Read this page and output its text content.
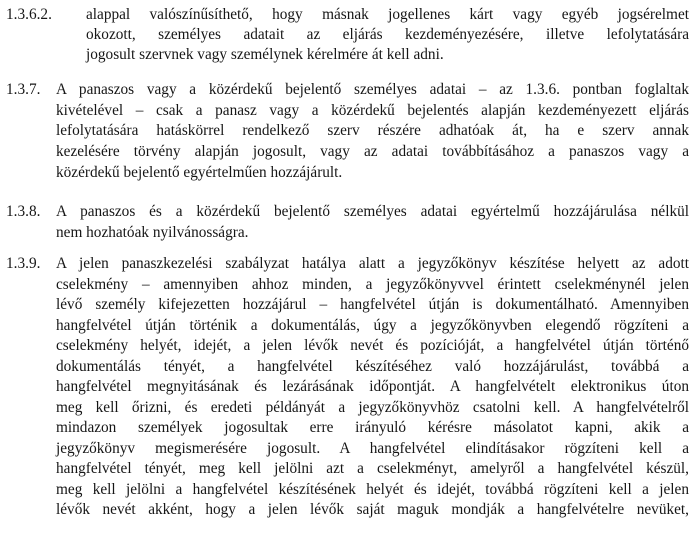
1.3.6.2. alappal valószínűsíthető, hogy másnak jogellenes kárt vagy egyéb jogsérelmet
okozott, személyes adatait az eljárás kezdeményezésére, illetve lefolytatására
jogosult szervnek vagy személynek kérelmére át kell adni.
1.3.7. A panaszos vagy a közérdekű bejelentő személyes adatai – az 1.3.6. pontban foglaltak
kivételével – csak a panasz vagy a közérdekű bejelentés alapján kezdeményezett eljárás
lefolytatására hatáskörrel rendelkező szerv részére adhatóak át, ha e szerv annak
kezelésére törvény alapján jogosult, vagy az adatai továbbításához a panaszos vagy a
közérdekű bejelentő egyértelműen hozzájárult.
1.3.8. A panaszos és a közérdekű bejelentő személyes adatai egyértelmű hozzájárulása nélkül
nem hozhatóak nyilvánosságra.
1.3.9. A jelen panaszkezelési szabályzat hatálya alatt a jegyzőkönyv készítése helyett az adott
cselekmény – amennyiben ahhoz minden, a jegyzőkönyvvel érintett cselekménynél jelen
lévő személy kifejezetten hozzájárul – hangfelvétel útján is dokumentálható. Amennyiben
hangfelvétel útján történik a dokumentálás, úgy a jegyzőkönyvben elegendő rögzíteni a
cselekmény helyét, idejét, a jelen lévők nevét és pozícióját, a hangfelvétel útján történő
dokumentálás tényét, a hangfelvétel készítéséhez való hozzájárulást, továbbá a
hangfelvétel megnyitásának és lezárásának időpontját. A hangfelvételt elektronikus úton
meg kell őrizni, és eredeti példányát a jegyzőkönyvhöz csatolni kell. A hangfelvételről
mindazon személyek jogosultak erre irányuló kérésre másolatot kapni, akik a
jegyzőkönyv megismerésére jogosult. A hangfelvétel elindításakor rögzíteni kell a
hangfelvétel tényét, meg kell jelölni azt a cselekményt, amelyről a hangfelvétel készül,
meg kell jelölni a hangfelvétel készítésének helyét és idejét, továbbá rögzíteni kell a jelen
lévők nevét akként, hogy a jelen lévők saját maguk mondják a hangfelvételre nevüket,
